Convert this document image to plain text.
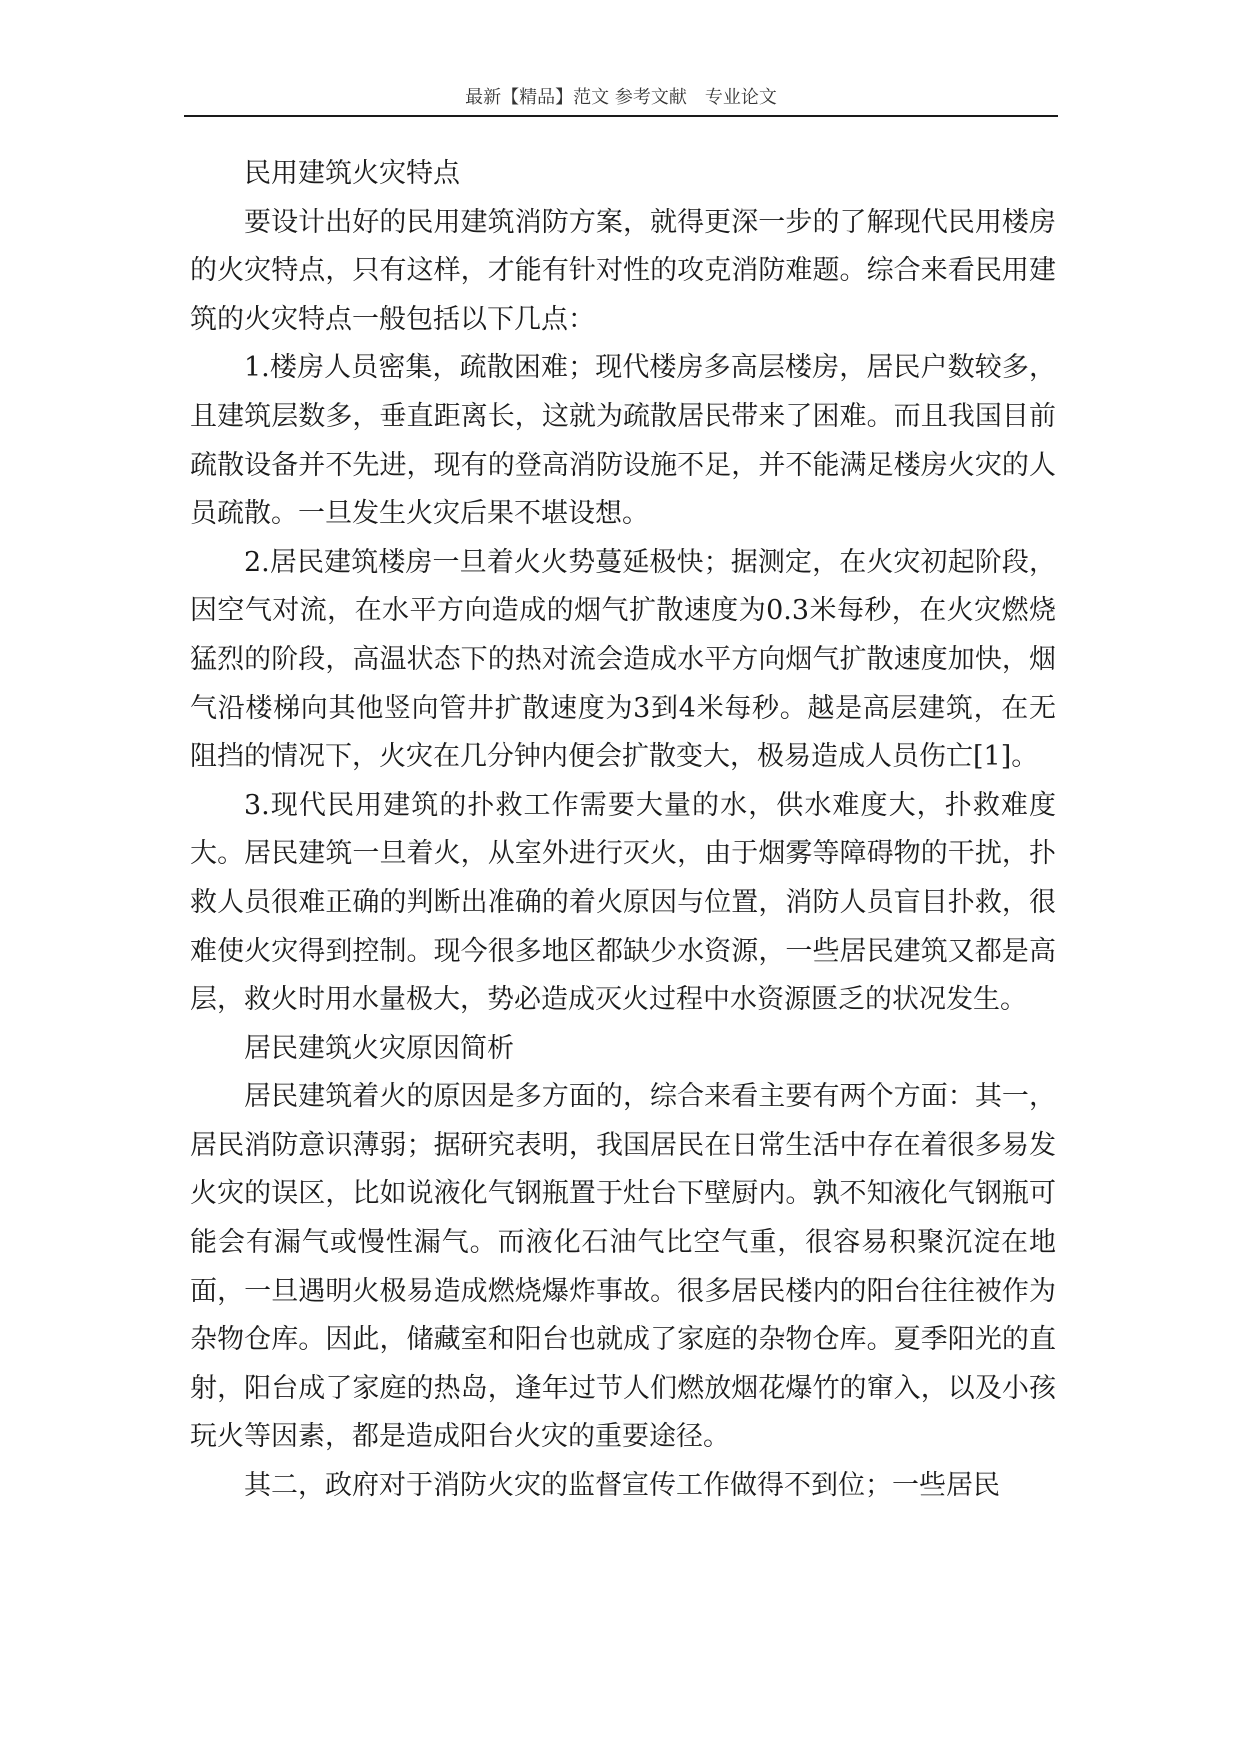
最新【精品】范文 参考文献　专业论文

民用建筑火灾特点

要设计出好的民用建筑消防方案，就得更深一步的了解现代民用楼房的火灾特点，只有这样，才能有针对性的攻克消防难题。综合来看民用建筑的火灾特点一般包括以下几点：

1.楼房人员密集，疏散困难；现代楼房多高层楼房，居民户数较多，且建筑层数多，垂直距离长，这就为疏散居民带来了困难。而且我国目前疏散设备并不先进，现有的登高消防设施不足，并不能满足楼房火灾的人员疏散。一旦发生火灾后果不堪设想。

2.居民建筑楼房一旦着火火势蔓延极快；据测定，在火灾初起阶段，因空气对流，在水平方向造成的烟气扩散速度为0.3米每秒，在火灾燃烧猛烈的阶段，高温状态下的热对流会造成水平方向烟气扩散速度加快，烟气沿楼梯向其他竖向管井扩散速度为3到4米每秒。越是高层建筑，在无阻挡的情况下，火灾在几分钟内便会扩散变大，极易造成人员伤亡[1]。

3.现代民用建筑的扑救工作需要大量的水，供水难度大，扑救难度大。居民建筑一旦着火，从室外进行灭火，由于烟雾等障碍物的干扰，扑救人员很难正确的判断出准确的着火原因与位置，消防人员盲目扑救，很难使火灾得到控制。现今很多地区都缺少水资源，一些居民建筑又都是高层，救火时用水量极大，势必造成灭火过程中水资源匮乏的状况发生。

居民建筑火灾原因简析

居民建筑着火的原因是多方面的，综合来看主要有两个方面：其一，居民消防意识薄弱；据研究表明，我国居民在日常生活中存在着很多易发火灾的误区，比如说液化气钢瓶置于灶台下壁厨内。孰不知液化气钢瓶可能会有漏气或慢性漏气。而液化石油气比空气重，很容易积聚沉淀在地面，一旦遇明火极易造成燃烧爆炸事故。很多居民楼内的阳台往往被作为杂物仓库。因此，储藏室和阳台也就成了家庭的杂物仓库。夏季阳光的直射，阳台成了家庭的热岛，逢年过节人们燃放烟花爆竹的窜入，以及小孩玩火等因素，都是造成阳台火灾的重要途径。

其二，政府对于消防火灾的监督宣传工作做得不到位；一些居民
